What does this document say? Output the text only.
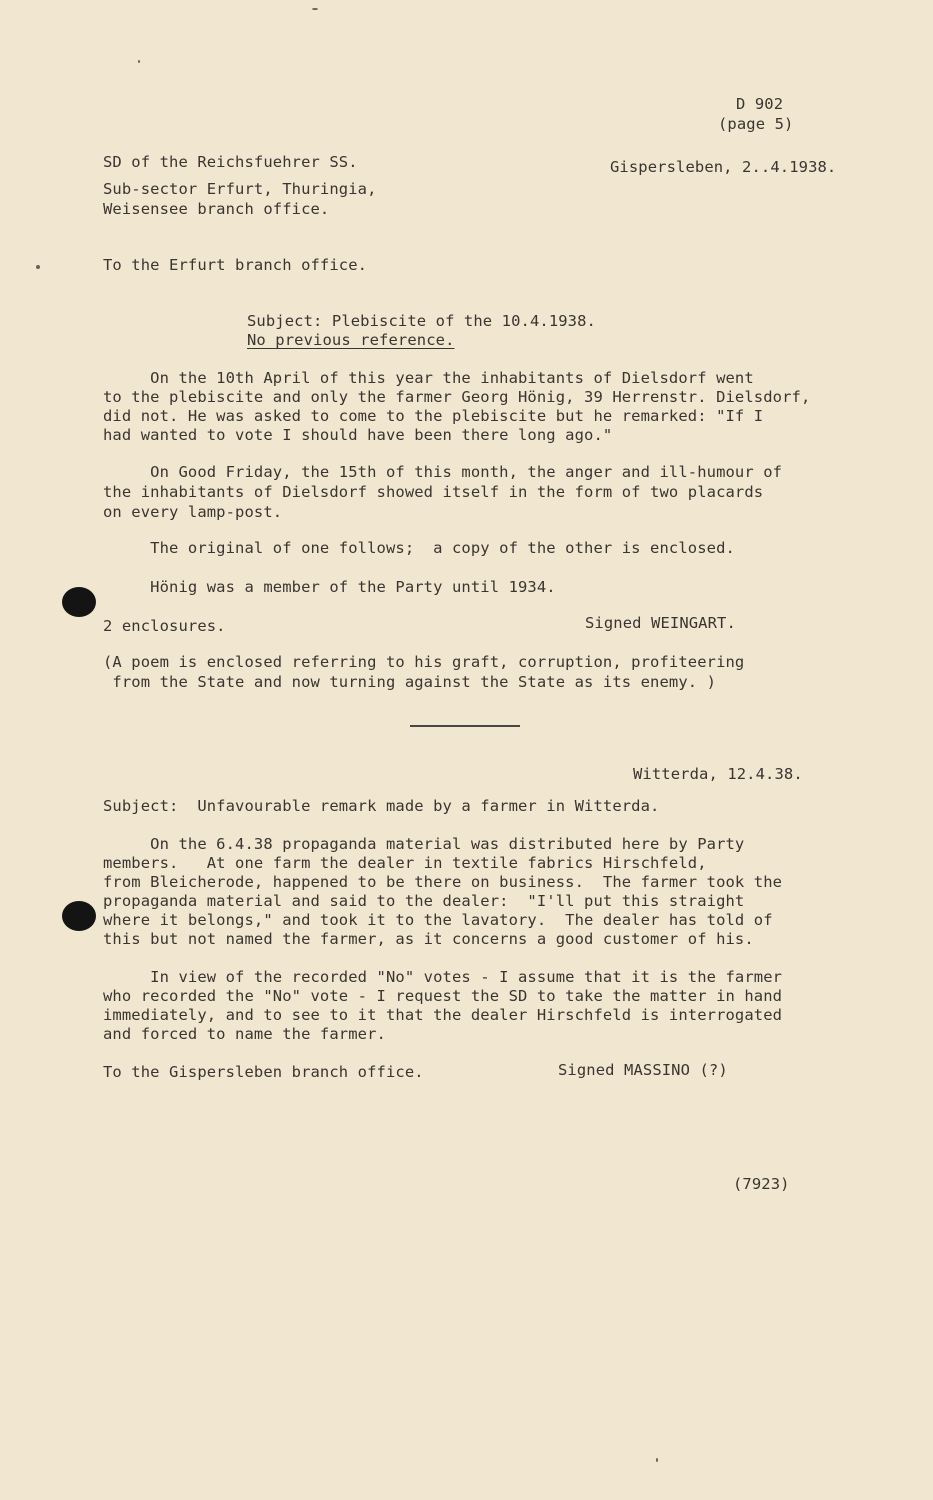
D 902
(page 5)
SD of the Reichsfuehrer SS.
Sub-sector Erfurt, Thuringia,
Weisensee branch office.
Gispersleben, 2..4.1938.
To the Erfurt branch office.
Subject: Plebiscite of the 10.4.1938.
No previous reference.
On the 10th April of this year the inhabitants of Dielsdorf went
to the plebiscite and only the farmer Georg Hönig, 39 Herrenstr. Dielsdorf,
did not. He was asked to come to the plebiscite but he remarked: "If I
had wanted to vote I should have been there long ago."
On Good Friday, the 15th of this month, the anger and ill-humour of
the inhabitants of Dielsdorf showed itself in the form of two placards
on every lamp-post.
The original of one follows;  a copy of the other is enclosed.
Hönig was a member of the Party until 1934.
2 enclosures.	Signed WEINGART.
(A poem is enclosed referring to his graft, corruption, profiteering
from the State and now turning against the State as its enemy. )
Witterda, 12.4.38.
Subject:  Unfavourable remark made by a farmer in Witterda.
On the 6.4.38 propaganda material was distributed here by Party
members.   At one farm the dealer in textile fabrics Hirschfeld,
from Bleicherode, happened to be there on business.  The farmer took the
propaganda material and said to the dealer:  "I'll put this straight
where it belongs," and took it to the lavatory.  The dealer has told of
this but not named the farmer, as it concerns a good customer of his.
In view of the recorded "No" votes - I assume that it is the farmer
who recorded the "No" vote - I request the SD to take the matter in hand
immediately, and to see to it that the dealer Hirschfeld is interrogated
and forced to name the farmer.
To the Gispersleben branch office.	Signed MASSINO (?)
(7923)
